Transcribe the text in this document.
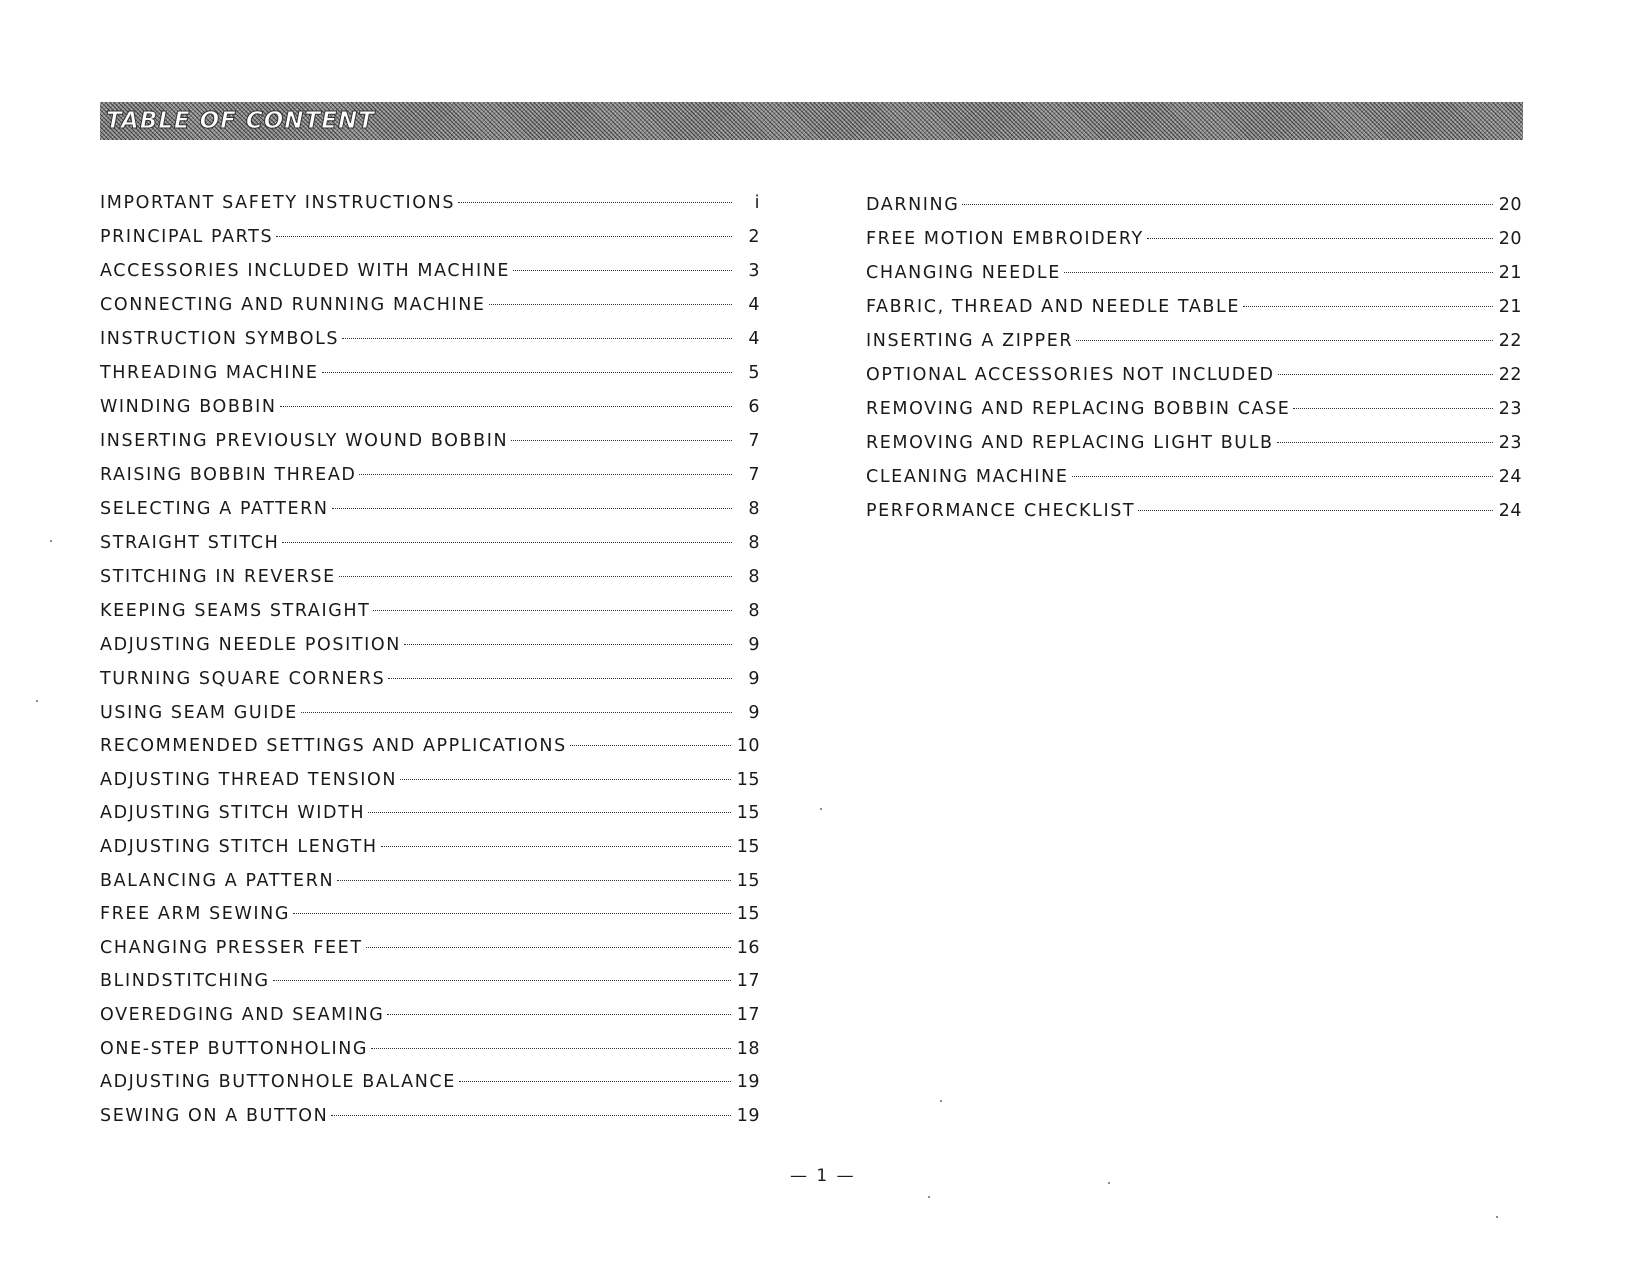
TABLE OF CONTENT
IMPORTANT SAFETY INSTRUCTIONS	i
PRINCIPAL PARTS	2
ACCESSORIES INCLUDED WITH MACHINE	3
CONNECTING AND RUNNING MACHINE	4
INSTRUCTION SYMBOLS	4
THREADING MACHINE	5
WINDING BOBBIN	6
INSERTING PREVIOUSLY WOUND BOBBIN	7
RAISING BOBBIN THREAD	7
SELECTING A PATTERN	8
STRAIGHT STITCH	8
STITCHING IN REVERSE	8
KEEPING SEAMS STRAIGHT	8
ADJUSTING NEEDLE POSITION	9
TURNING SQUARE CORNERS	9
USING SEAM GUIDE	9
RECOMMENDED SETTINGS AND APPLICATIONS	10
ADJUSTING THREAD TENSION	15
ADJUSTING STITCH WIDTH	15
ADJUSTING STITCH LENGTH	15
BALANCING A PATTERN	15
FREE ARM SEWING	15
CHANGING PRESSER FEET	16
BLINDSTITCHING	17
OVEREDGING AND SEAMING	17
ONE-STEP BUTTONHOLING	18
ADJUSTING BUTTONHOLE BALANCE	19
SEWING ON A BUTTON	19
DARNING	20
FREE MOTION EMBROIDERY	20
CHANGING NEEDLE	21
FABRIC, THREAD AND NEEDLE TABLE	21
INSERTING A ZIPPER	22
OPTIONAL ACCESSORIES NOT INCLUDED	22
REMOVING AND REPLACING BOBBIN CASE	23
REMOVING AND REPLACING LIGHT BULB	23
CLEANING MACHINE	24
PERFORMANCE CHECKLIST	24
— 1 —
